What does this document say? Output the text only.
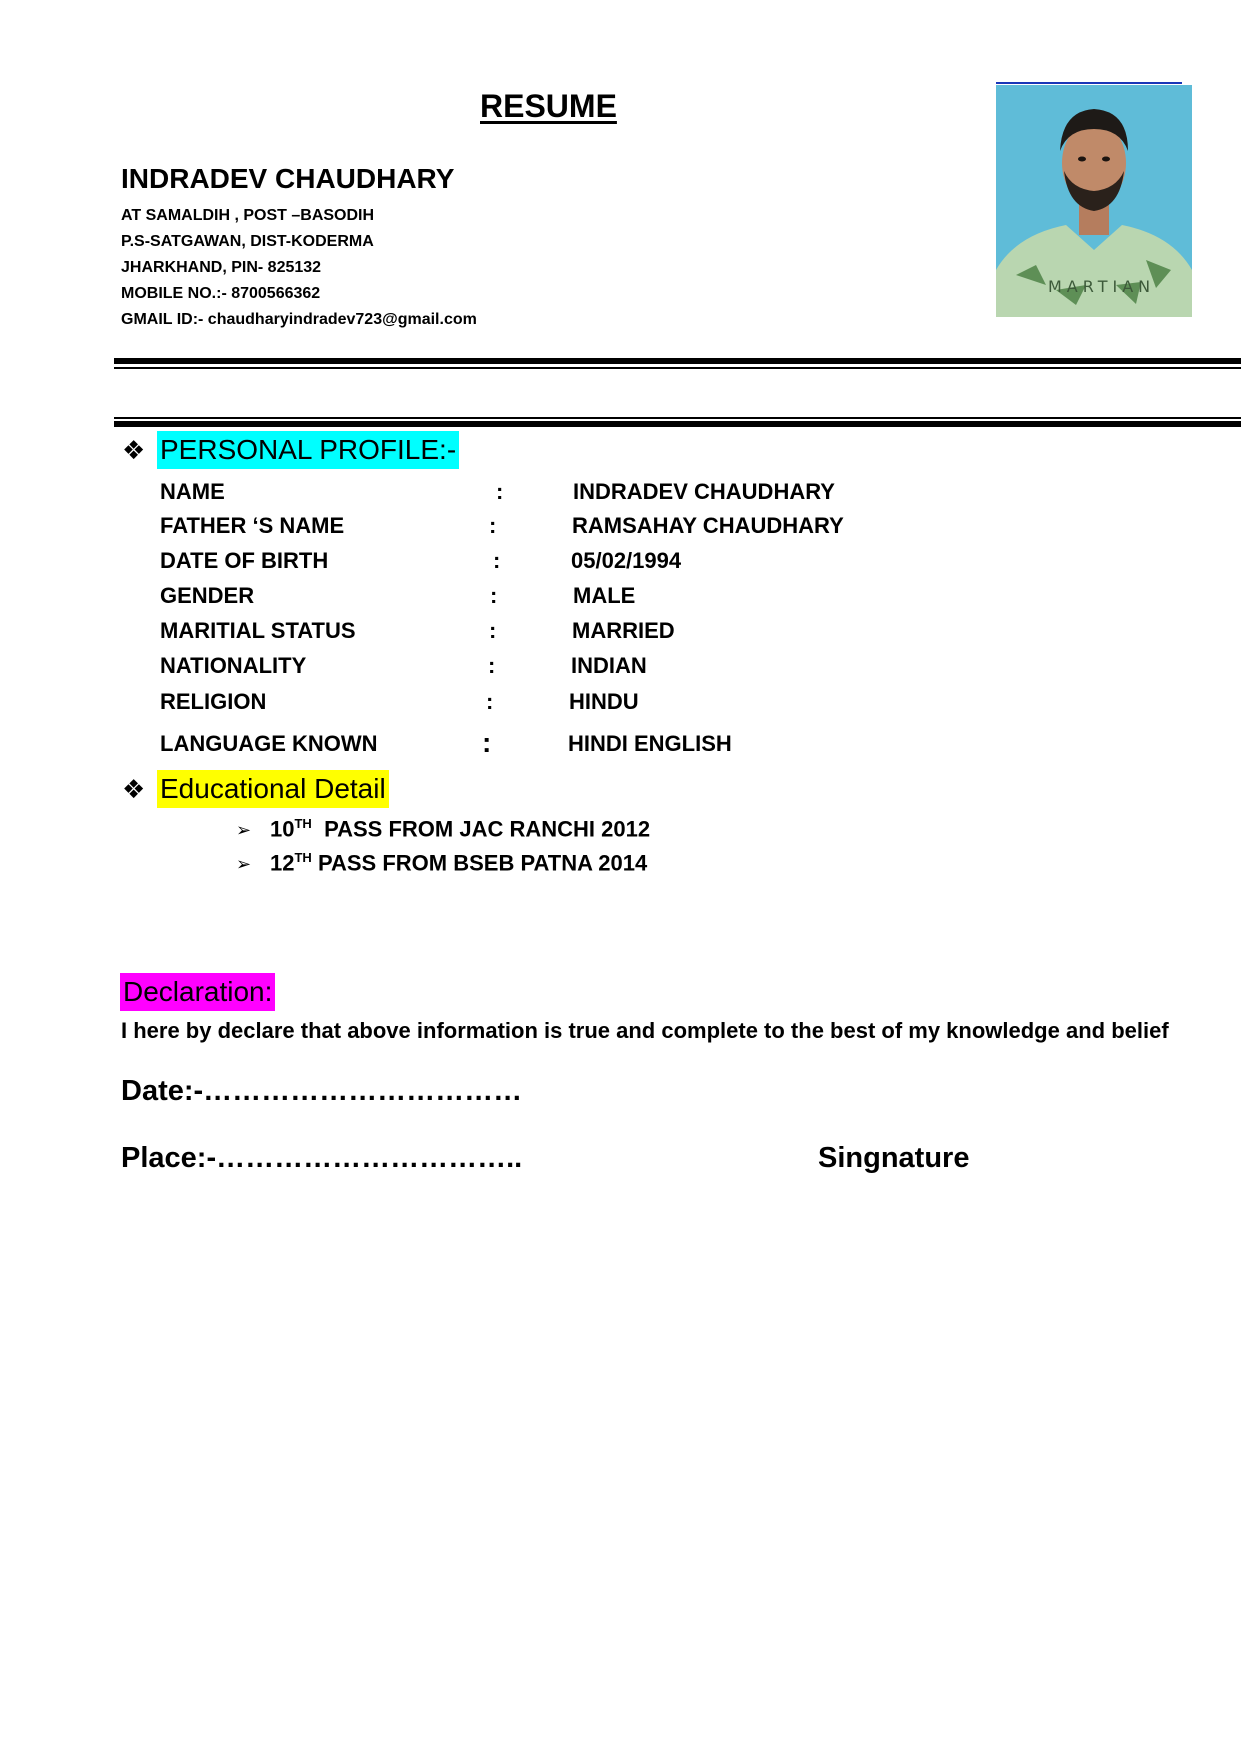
RESUME
INDRADEV CHAUDHARY
AT SAMALDIH , POST –BASODIH
P.S-SATGAWAN, DIST-KODERMA
JHARKHAND, PIN- 825132
MOBILE NO.:- 8700566362
GMAIL ID:- chaudharyindradev723@gmail.com
MARTIAN
❖ PERSONAL PROFILE:-
NAME	:	INDRADEV CHAUDHARY
FATHER ‘S NAME	:	RAMSAHAY CHAUDHARY
DATE OF BIRTH	:	05/02/1994
GENDER	:	MALE
MARITIAL STATUS	:	MARRIED
NATIONALITY	:	INDIAN
RELIGION	:	HINDU
LANGUAGE KNOWN	:	HINDI ENGLISH
❖ Educational Detail
➢ 10TH PASS FROM JAC RANCHI 2012
➢ 12TH PASS FROM BSEB PATNA 2014
Declaration:
I here by declare that above information is true and complete to the best of my knowledge and belief
Date:-……………………………
Place:-…………………………..	Singnature
